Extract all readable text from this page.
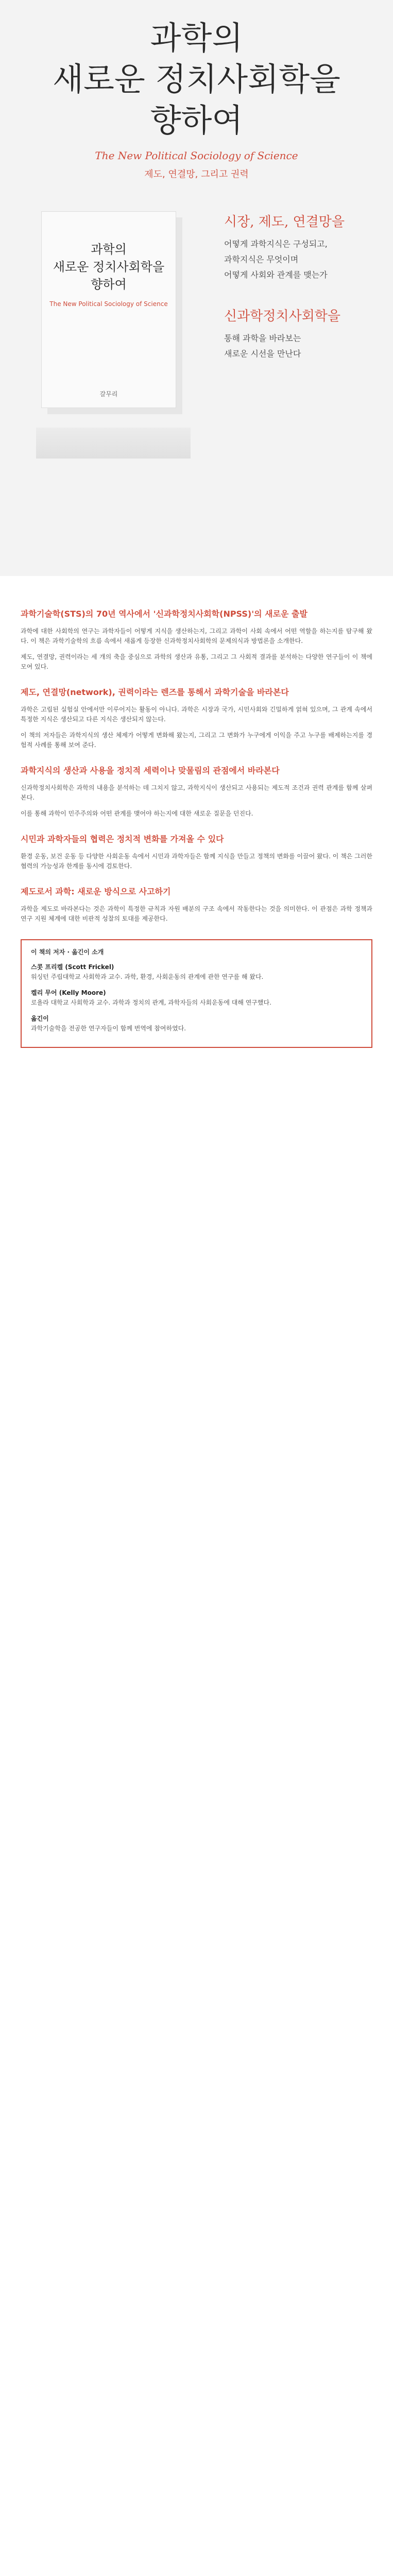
과학의
새로운 정치사회학을
향하여
The New Political Sociology of Science
제도, 연결망, 그리고 권력
과학의
새로운 정치사회학을
향하여
The New Political Sociology of Science
갈무리
시장, 제도, 연결망을
어떻게 과학지식은 구성되고,
과학지식은 무엇이며
어떻게 사회와 관계를 맺는가
신과학정치사회학을
통해 과학을 바라보는
새로운 시선을 만난다
과학기술학(STS)의 70년 역사에서 '신과학정치사회학(NPSS)'의 새로운 출발

과학에 대한 사회학의 연구는 과학자들이 어떻게 지식을 생산하는지, 그리고 과학이 사회 속에서 어떤 역할을 하는지를 탐구해 왔다. 이 책은 과학기술학의 흐름 속에서 새롭게 등장한 신과학정치사회학의 문제의식과 방법론을 소개한다.

제도, 연결망, 권력이라는 세 개의 축을 중심으로 과학의 생산과 유통, 그리고 그 사회적 결과를 분석하는 다양한 연구들이 이 책에 모여 있다.

제도, 연결망(network), 권력이라는 렌즈를 통해서 과학기술을 바라본다

과학은 고립된 실험실 안에서만 이루어지는 활동이 아니다. 과학은 시장과 국가, 시민사회와 긴밀하게 얽혀 있으며, 그 관계 속에서 특정한 지식은 생산되고 다른 지식은 생산되지 않는다.

이 책의 저자들은 과학지식의 생산 체제가 어떻게 변화해 왔는지, 그리고 그 변화가 누구에게 이익을 주고 누구를 배제하는지를 경험적 사례를 통해 보여 준다.

과학지식의 생산과 사용을 정치적 세력이나 맞물림의 관점에서 바라본다

신과학정치사회학은 과학의 내용을 분석하는 데 그치지 않고, 과학지식이 생산되고 사용되는 제도적 조건과 권력 관계를 함께 살펴본다.

이를 통해 과학이 민주주의와 어떤 관계를 맺어야 하는지에 대한 새로운 질문을 던진다.

시민과 과학자들의 협력은 정치적 변화를 가져올 수 있다

환경 운동, 보건 운동 등 다양한 사회운동 속에서 시민과 과학자들은 함께 지식을 만들고 정책의 변화를 이끌어 왔다. 이 책은 그러한 협력의 가능성과 한계를 동시에 검토한다.

제도로서 과학: 새로운 방식으로 사고하기

과학을 제도로 바라본다는 것은 과학이 특정한 규칙과 자원 배분의 구조 속에서 작동한다는 것을 의미한다. 이 관점은 과학 정책과 연구 지원 체계에 대한 비판적 성찰의 토대를 제공한다.

이 책의 저자 · 옮긴이 소개
스콧 프리켈 (Scott Frickel)
워싱턴 주립대학교 사회학과 교수. 과학, 환경, 사회운동의 관계에 관한 연구를 해 왔다.
켈리 무어 (Kelly Moore)
로욜라 대학교 사회학과 교수. 과학과 정치의 관계, 과학자들의 사회운동에 대해 연구했다.
옮긴이
과학기술학을 전공한 연구자들이 함께 번역에 참여하였다.
